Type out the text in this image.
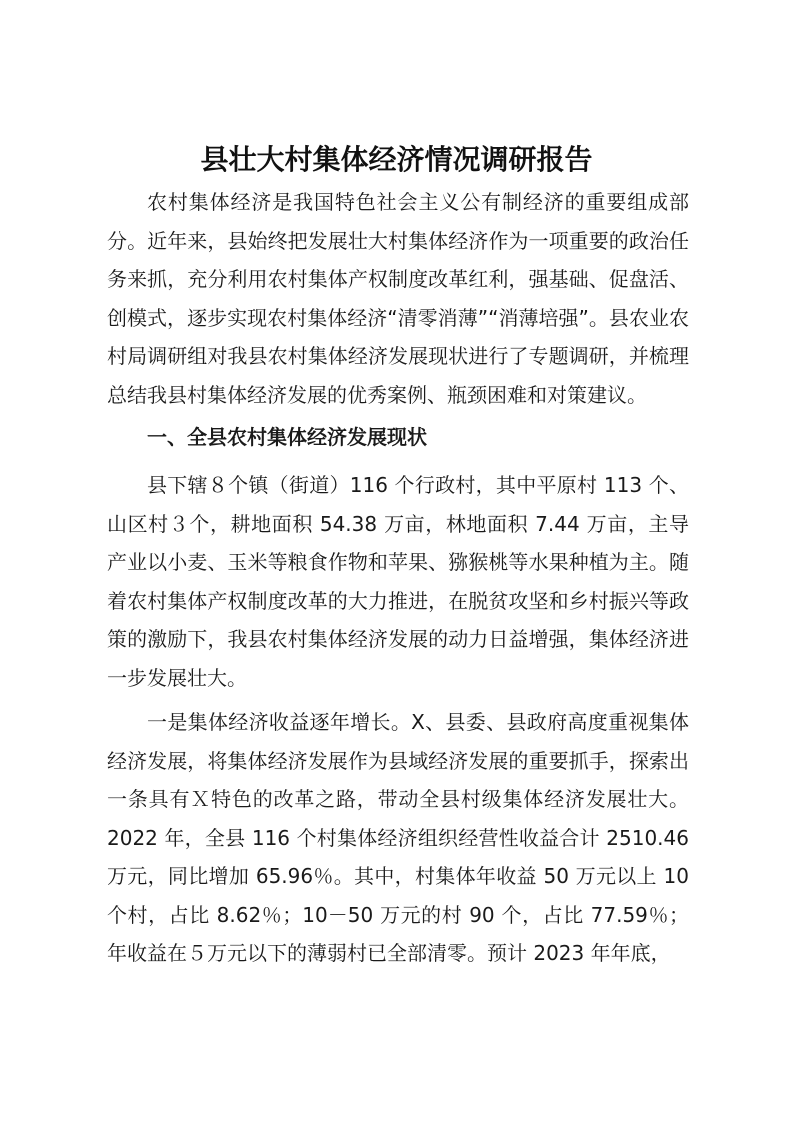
县壮大村集体经济情况调研报告

农村集体经济是我国特色社会主义公有制经济的重要组成部分。近年来，县始终把发展壮大村集体经济作为一项重要的政治任务来抓，充分利用农村集体产权制度改革红利，强基础、促盘活、创模式，逐步实现农村集体经济“清零消薄”“消薄培强”。县农业农村局调研组对我县农村集体经济发展现状进行了专题调研，并梳理总结我县村集体经济发展的优秀案例、瓶颈困难和对策建议。

一、全县农村集体经济发展现状

县下辖８个镇（街道）116 个行政村，其中平原村 113 个、山区村３个，耕地面积 54.38 万亩，林地面积 7.44 万亩，主导产业以小麦、玉米等粮食作物和苹果、猕猴桃等水果种植为主。随着农村集体产权制度改革的大力推进，在脱贫攻坚和乡村振兴等政策的激励下，我县农村集体经济发展的动力日益增强，集体经济进一步发展壮大。

一是集体经济收益逐年增长。X、县委、县政府高度重视集体经济发展，将集体经济发展作为县域经济发展的重要抓手，探索出一条具有Ｘ特色的改革之路，带动全县村级集体经济发展壮大。2022 年，全县 116 个村集体经济组织经营性收益合计 2510.46 万元，同比增加 65.96％。其中，村集体年收益 50 万元以上 10 个村，占比 8.62％；10－50 万元的村 90 个，占比 77.59％；年收益在５万元以下的薄弱村已全部清零。预计 2023 年年底，
